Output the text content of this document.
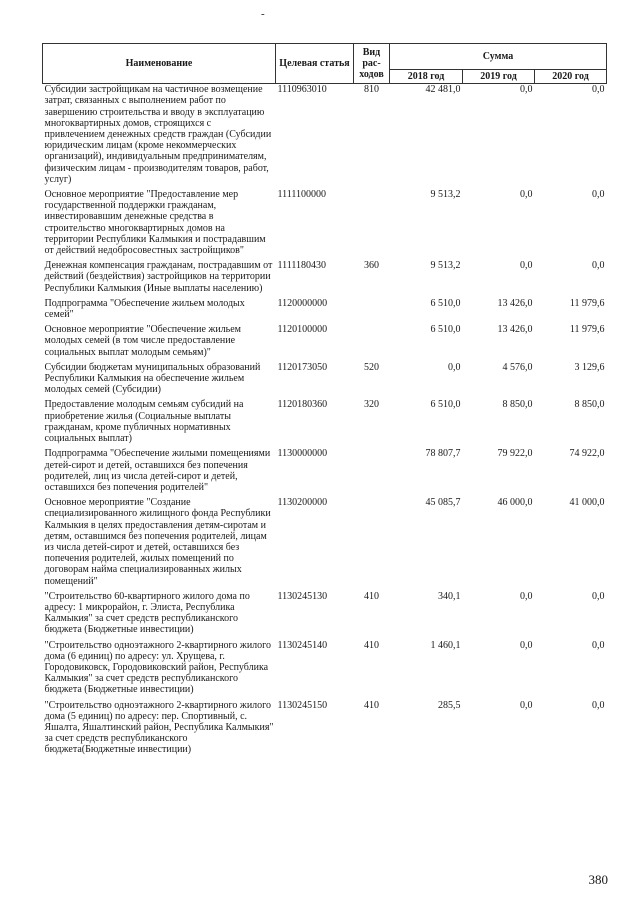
-
Наименование	Целевая статья	Вид рас-ходов	Сумма		
			2018 год	2019 год	2020 год
Субсидии застройщикам на частичное возмещение затрат, связанных с выполнением работ по завершению строительства и вводу в эксплуатацию многоквартирных домов, строящихся с привлечением денежных средств граждан (Субсидии юридическим лицам (кроме некоммерческих организаций), индивидуальным предпринимателям, физическим лицам - производителям товаров, работ, услуг)	1110963010	810	42 481,0	0,0	0,0
Основное мероприятие "Предоставление мер государственной поддержки гражданам, инвестировавшим денежные средства в строительство многоквартирных домов на территории Республики Калмыкия и пострадавшим от действий недобросовестных застройщиков"	1111100000		9 513,2	0,0	0,0
Денежная компенсация гражданам, пострадавшим от действий (бездействия) застройщиков на территории Республики Калмыкия (Иные выплаты населению)	1111180430	360	9 513,2	0,0	0,0
Подпрограмма "Обеспечение жильем молодых семей"	1120000000		6 510,0	13 426,0	11 979,6
Основное мероприятие "Обеспечение жильем молодых семей (в том числе предоставление социальных выплат молодым семьям)"	1120100000		6 510,0	13 426,0	11 979,6
Субсидии бюджетам муниципальных образований Республики Калмыкия на обеспечение жильем молодых семей (Субсидии)	1120173050	520	0,0	4 576,0	3 129,6
Предоставление молодым семьям субсидий на приобретение жилья (Социальные выплаты гражданам, кроме публичных нормативных социальных выплат)	1120180360	320	6 510,0	8 850,0	8 850,0
Подпрограмма "Обеспечение жилыми помещениями детей-сирот и детей, оставшихся без попечения родителей, лиц из числа детей-сирот и детей, оставшихся без попечения родителей"	1130000000		78 807,7	79 922,0	74 922,0
Основное мероприятие "Создание специализированного жилищного фонда Республики Калмыкия в целях предоставления детям-сиротам и детям, оставшимся без попечения родителей, лицам из числа детей-сирот и детей, оставшихся без попечения родителей, жилых помещений по договорам найма специализированных жилых помещений"	1130200000		45 085,7	46 000,0	41 000,0
"Строительство 60-квартирного жилого дома по адресу: 1 микрорайон, г. Элиста, Республика Калмыкия" за счет средств республиканского бюджета (Бюджетные инвестиции)	1130245130	410	340,1	0,0	0,0
"Строительство одноэтажного 2-квартирного жилого дома (6 единиц) по адресу: ул. Хрущева, г. Городовиковск, Городовиковский район, Республика Калмыкия" за счет средств республиканского бюджета (Бюджетные инвестиции)	1130245140	410	1 460,1	0,0	0,0
"Строительство одноэтажного 2-квартирного жилого дома (5 единиц) по адресу: пер. Спортивный, с. Яшалта, Яшалтинский район, Республика Калмыкия" за счет средств республиканского бюджета(Бюджетные инвестиции)	1130245150	410	285,5	0,0	0,0
380
